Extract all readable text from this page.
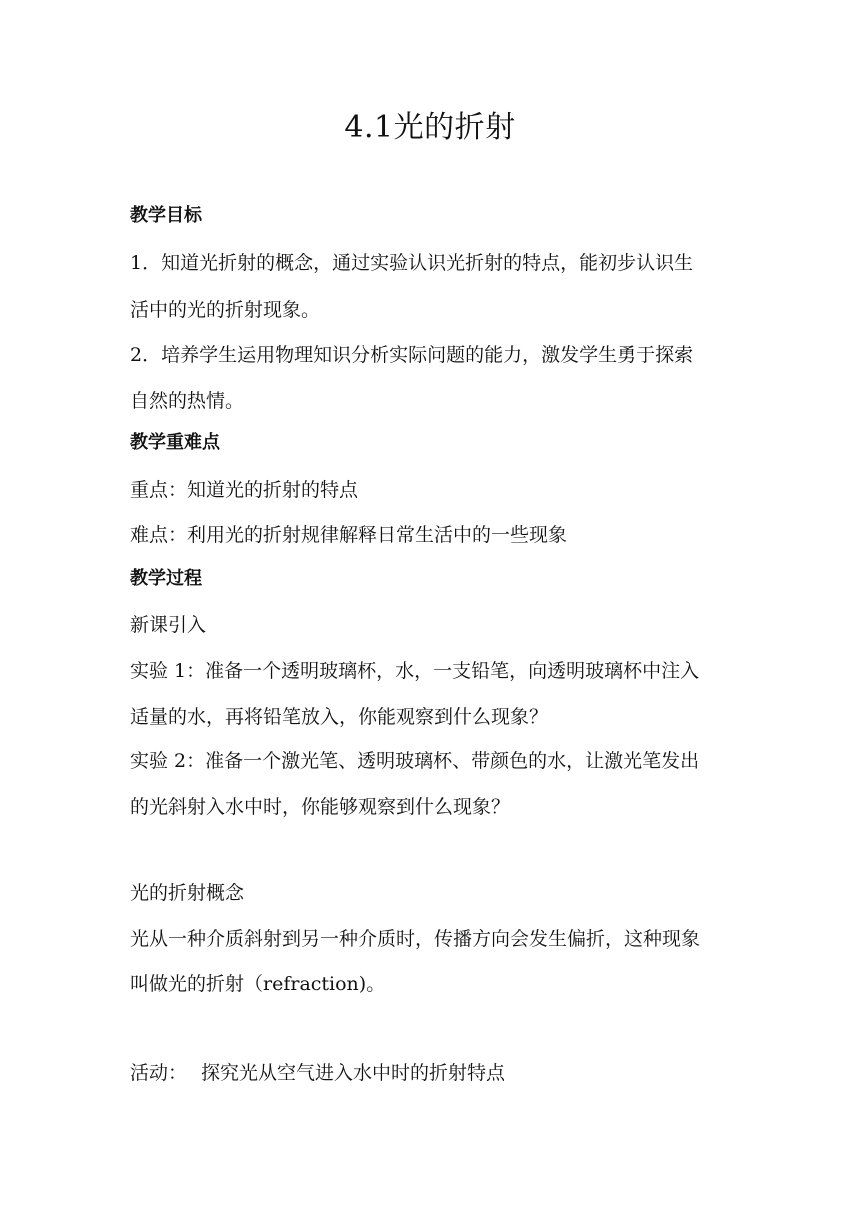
4.1光的折射
教学目标
1．知道光折射的概念，通过实验认识光折射的特点，能初步认识生
活中的光的折射现象。
2．培养学生运用物理知识分析实际问题的能力，激发学生勇于探索
自然的热情。
教学重难点
重点：知道光的折射的特点
难点：利用光的折射规律解释日常生活中的一些现象
教学过程
新课引入
实验 1：准备一个透明玻璃杯，水，一支铅笔，向透明玻璃杯中注入
适量的水，再将铅笔放入，你能观察到什么现象？
实验 2：准备一个激光笔、透明玻璃杯、带颜色的水，让激光笔发出
的光斜射入水中时，你能够观察到什么现象？
光的折射概念
光从一种介质斜射到另一种介质时，传播方向会发生偏折，这种现象
叫做光的折射（refraction)。
活动： 探究光从空气进入水中时的折射特点
